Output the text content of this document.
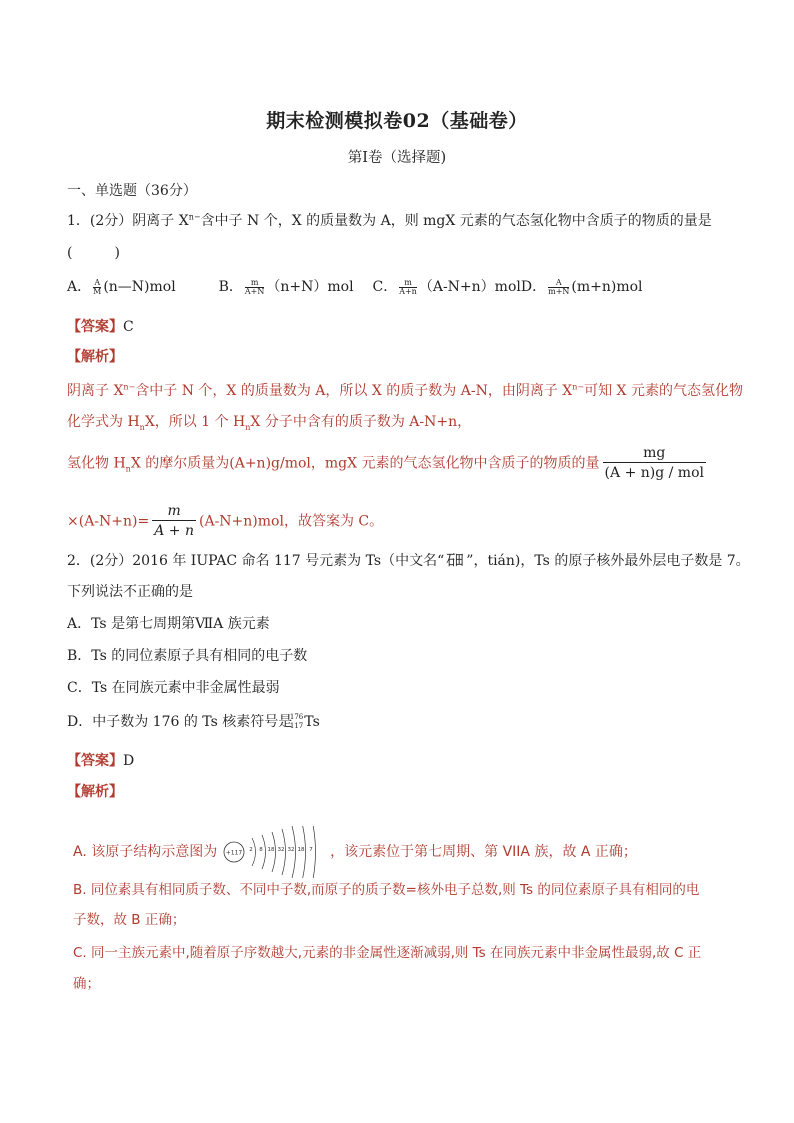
期末检测模拟卷02（基础卷）
第Ⅰ卷（选择题)
一、单选题（36分）
1．(2分）阴离子 $X^{n-}$含中子 N 个，X 的质量数为 A，则 mgX 元素的气态氢化物中含质子的物质的量是
(　　　)
A． $\frac{A}{M}$ (n—N)mol	B． $\frac{m}{A+N} (n+N)mol$ C． $\frac{m}{A+n}$ （A-N+n）molD． $\frac{A}{m+N} (m+n)mol$
【答案】C
【解析】
阴离子 $X^{n-}$含中子 N 个，X 的质量数为 A，所以 X 的质子数为 A-N，由阴离子 $X^{n-}$可知 X 元素的气态氢化物
化学式为 $H_nX$，所以 1 个 $H_nX$ 分子中含有的质子数为 A-N+n，
氢化物 $H_nX$ 的摩尔质量为(A+n)g/mol，mgX 元素的气态氢化物中含质子的物质的量
mg
(A + n)g / mol
$\times(A-N+n)= \frac{m}{A + n} (A-N+n)mol$，故答案为 C。
2．(2分）2016 年 IUPAC 命名 117 号元素为 Ts（中文名“ 石田 ”，tián)，Ts 的原子核外最外层电子数是 7。
下列说法不正确的是
A．Ts 是第七周期第ⅦA 族元素
B．Ts 的同位素原子具有相同的电子数
C．Ts 在同族元素中非金属性最弱
D．中子数为 176 的 Ts 核素符号是
176
117 Ts
【答案】D
【解析】
A. 该原子结构示意图为 +117 2 8 18 32 32 18 7 ，该元素位于第七周期、第 VIIA 族，故 A 正确；
B. 同位素具有相同质子数、不同中子数,而原子的质子数=核外电子总数,则 Ts 的同位素原子具有相同的电
子数，故 B 正确；
C. 同一主族元素中,随着原子序数越大,元素的非金属性逐渐减弱,则 Ts 在同族元素中非金属性最弱,故 C 正
确；
